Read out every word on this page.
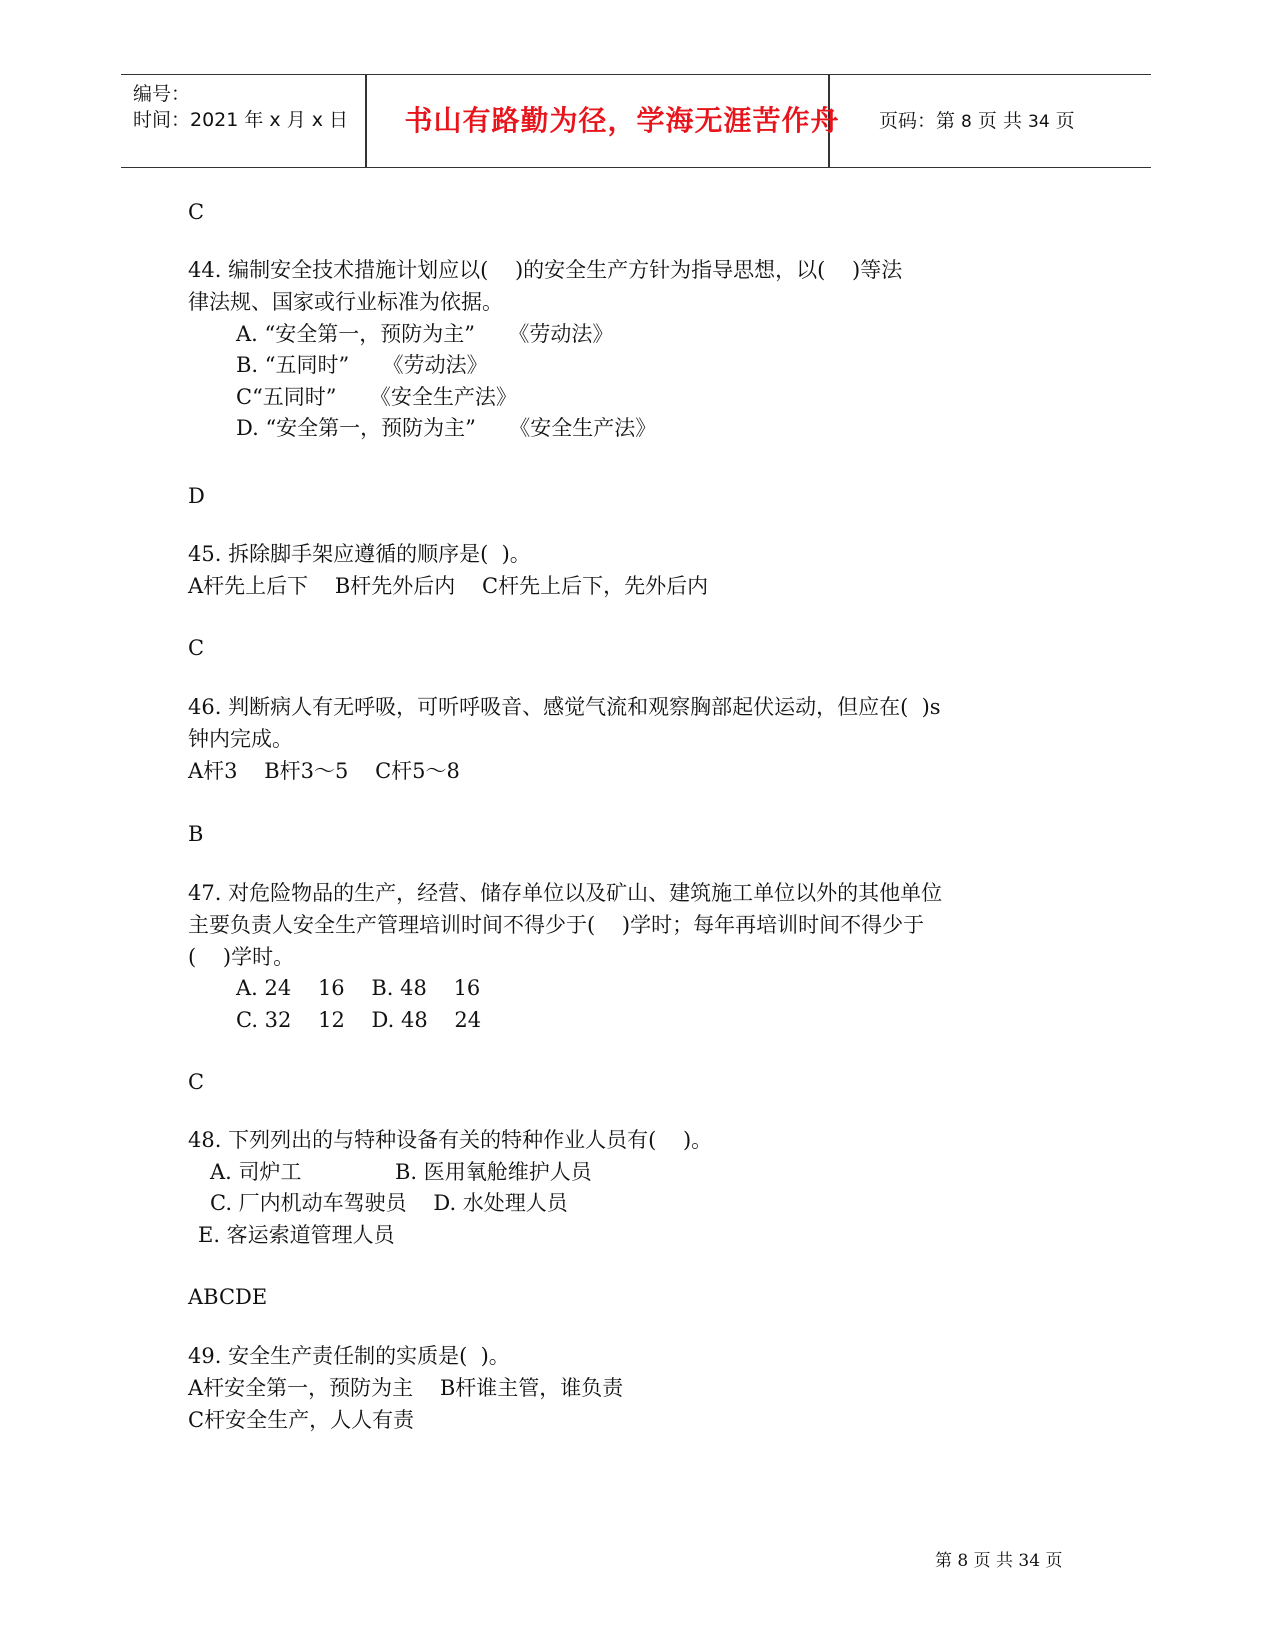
编号：
时间：2021 年 x 月 x 日	书山有路勤为径，学海无涯苦作舟	页码：第 8 页 共 34 页
C
44. 编制安全技术措施计划应以(    )的安全生产方针为指导思想，以(    )等法
律法规、国家或行业标准为依据。
A. “安全第一，预防为主”     《劳动法》
B. “五同时”     《劳动法》
C“五同时”     《安全生产法》
D. “安全第一，预防为主”     《安全生产法》
D
45. 拆除脚手架应遵循的顺序是(  )。
A杆先上后下    B杆先外后内    C杆先上后下，先外后内
C
46. 判断病人有无呼吸，可听呼吸音、感觉气流和观察胸部起伏运动，但应在(  )s
钟内完成。
A杆3    B杆3～5    C杆5～8
B
47. 对危险物品的生产，经营、储存单位以及矿山、建筑施工单位以外的其他单位
主要负责人安全生产管理培训时间不得少于(    )学时；每年再培训时间不得少于
(    )学时。
A. 24    16    B. 48    16
C. 32    12    D. 48    24
C
48. 下列列出的与特种设备有关的特种作业人员有(    )。
A. 司炉工              B. 医用氧舱维护人员
C. 厂内机动车驾驶员    D. 水处理人员
E. 客运索道管理人员
ABCDE
49. 安全生产责任制的实质是(  )。
A杆安全第一，预防为主    B杆谁主管，谁负责
C杆安全生产，人人有责
第 8 页 共 34 页
